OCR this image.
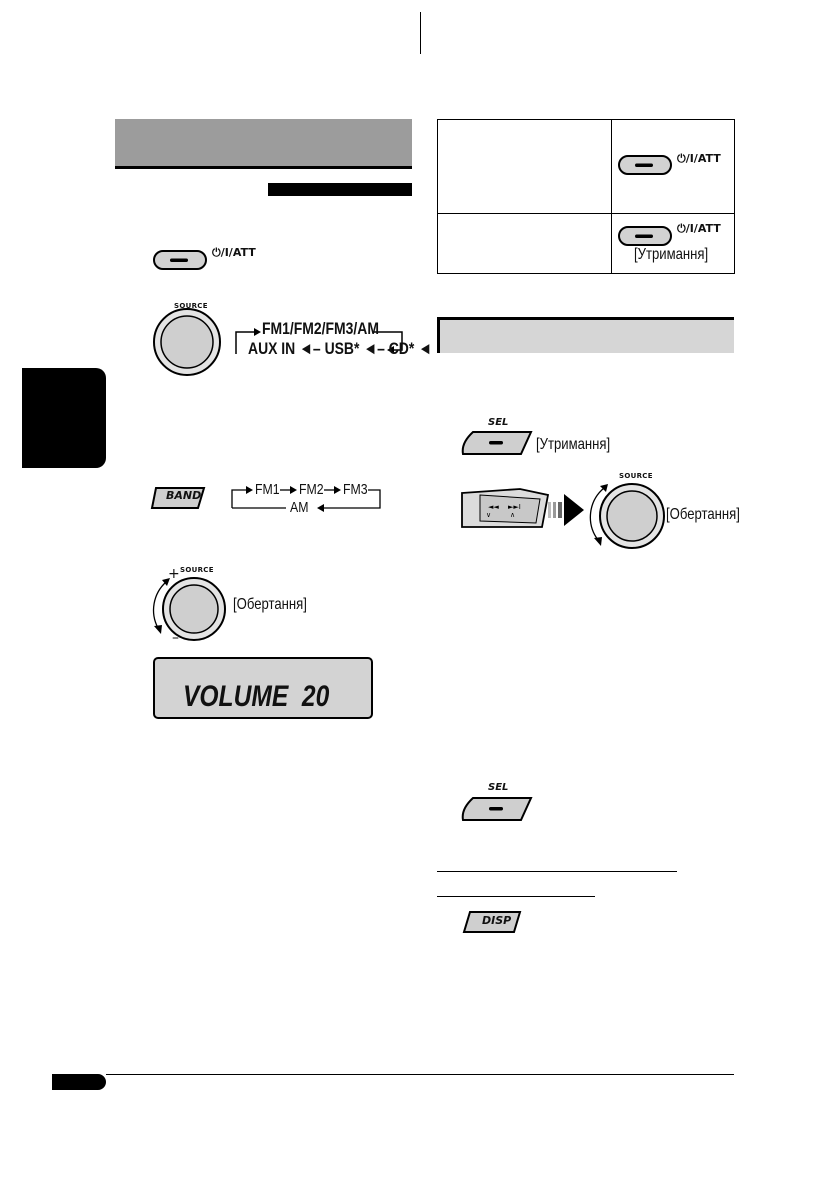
⏻/I/ATT
SOURCE
FM1/FM2/FM3/AM
AUX IN ◄– USB* ◄– CD* ◄
BAND	FM1 FM2 FM3
AM
SOURCE
+
–
[Обертання]
VOLUME  20
⏻/I/ATT
⏻/I/ATT
[Утримання]
SEL
[Утримання]
◄◄ ►►I
∨	∧
SOURCE
[Обертання]
SEL
DISP
